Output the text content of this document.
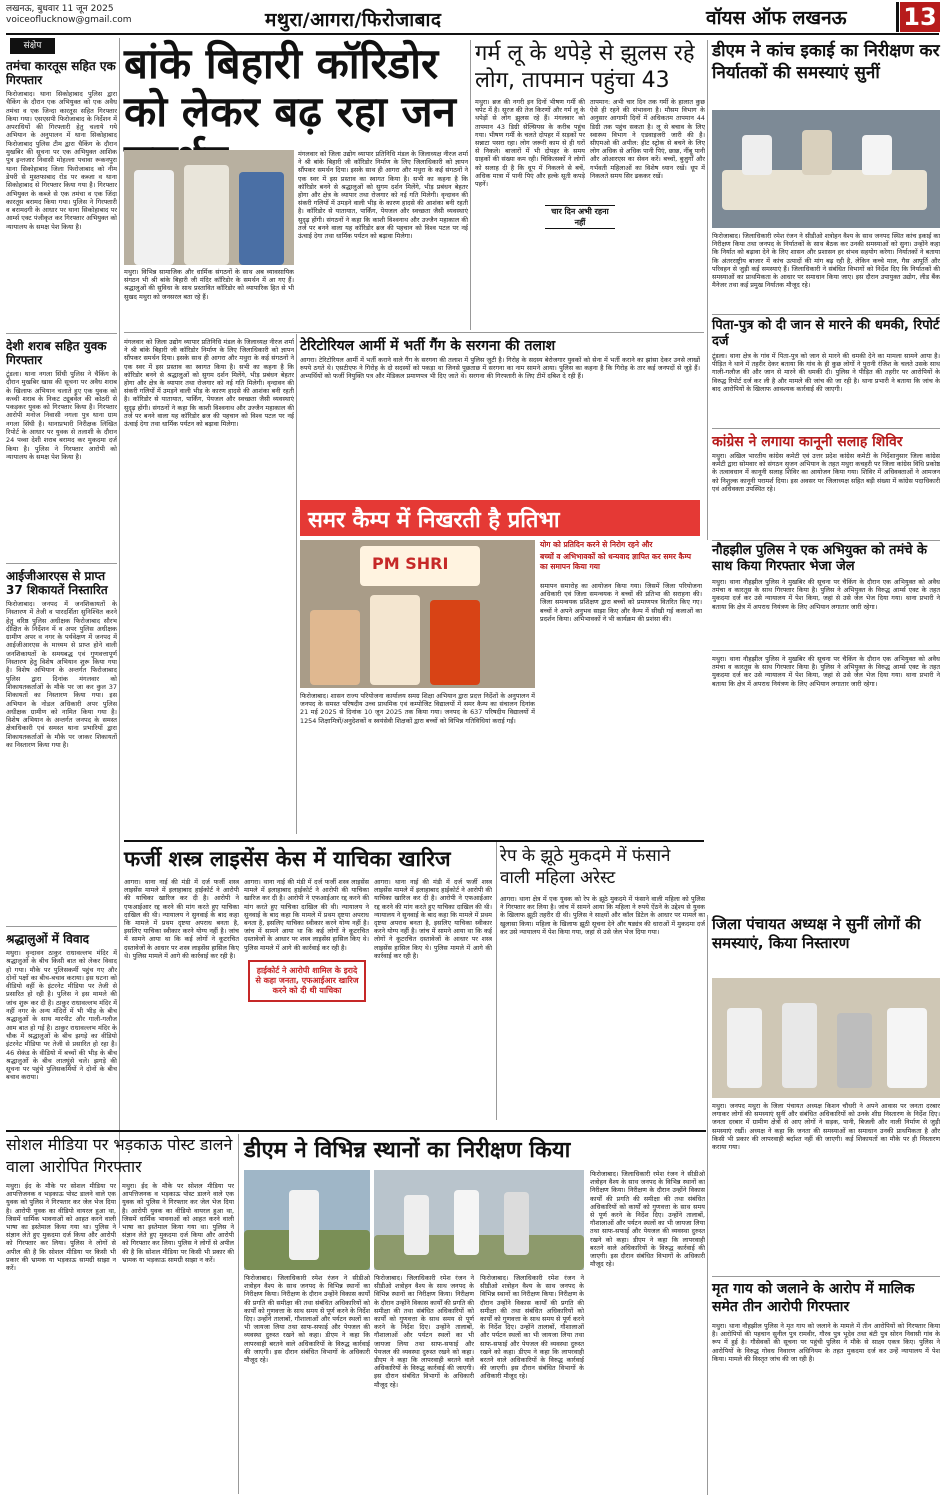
लखनऊ, बुधवार 11 जून 2025
voiceoflucknow@gmail.com	मथुरा/आगरा/फिरोजाबाद	वॉयस ऑफ लखनऊ 13
संक्षेप
तमंचा कारतूस सहित एक गिरफ्तार
फिरोजाबाद। थाना सिकोहाबाद पुलिस द्वारा चैकिंग के दौरान एक अभियुक्त को एक अवैध तमंचा व एक जिन्दा कारतूस सहित गिरफ्तार किया गया। एसएसपी फिरोजाबाद के निर्देशन में अपराधियों की गिरफ्तारी हेतु चलाये गये अभियान के अनुपालन में थाना सिकोहाबाद फिरोजाबाद पुलिस टीम द्वारा चैकिंग के दौरान मुखबिर की सूचना पर एक अभियुक्त आशिक पुत्र इन्तजार निवासी मोहल्ला पचावा रूकनपुरा थाना सिकोहाबाद जिला फिरोजाबाद को नीम डेयरी से मुस्तफाबाद रोड पर कब्जा व थाना सिकोहाबाद से गिरफ्तार किया गया है। गिरफ्तार अभियुक्त के कब्जे से एक तमंचा व एक जिंदा कारतूस बरामद किया गया। पुलिस ने गिरफ्तारी व बरामदगी के आधार पर थाना सिकोहाबाद पर आर्म्स एक्ट पंजीकृत कर गिरफ्तार अभियुक्त को न्यायालय के समक्ष पेश किया है।
देशी शराब सहित युवक गिरफ्तार
टूंडला। थाना नगला सिंघी पुलिस ने चैकिंग के दौरान मुखबिर खास की सूचना पर अवैध शराब के खिलाफ अभियान चलाते हुए एक युवक को कच्ची शराब के निकट ट्यूबवेल की कोठरी से पकड़कर युवक को गिरफ्तार किया है। गिरफ्तार आरोपी मनोज निवासी नगला पुत्र थाना ग्राम नगला सिंघी है। थानाप्रभारी निरीक्षक लिखित रिपोर्ट के आधार पर युवक से तलाशी के दौरान 24 पव्वा देशी शराब बरामद कर मुकदमा दर्ज किया है। पुलिस ने गिरफ्तार आरोपी को न्यायालय के समक्ष पेश किया है।
आईजीआरएस से प्राप्त 37 शिकायतें निस्तारित
फिरोजाबाद। जनपद में जनशिकायतों के निस्तारण में तेजी व पारदर्शिता सुनिश्चित करने हेतु वरिष्ठ पुलिस अधीक्षक फिरोजाबाद सौरभ दीक्षित के निर्देशन में व अपर पुलिस अधीक्षक ग्रामीण अपर व नगर के पर्यवेक्षण में जनपद में आईजीआरएस के माध्यम से प्राप्त होने वाली जनशिकायतों के समयबद्ध एवं गुणवत्तापूर्ण निस्तारण हेतु विशेष अभियान शुरू किया गया है। विशेष अभियान के अन्तर्गत फिरोजाबाद पुलिस द्वारा दिनांक मंगलवार को शिकायतकर्ताओं के मौके पर जा कर कुल 37 शिकायतों का निस्तारण किया गया। इस अभियान के नोडल अधिकारी अपर पुलिस अधीक्षक ग्रामीण को नामित किया गया है। विशेष अभियान के अन्तर्गत जनपद के समस्त क्षेत्राधिकारी एवं समस्त थाना प्रभारियों द्वारा शिकायतकर्ताओं के मौके पर जाकर शिकायतों का निस्तारण किया गया है।
श्रद्धालुओं में विवाद
मथुरा। वृन्दावन ठाकुर राधावल्लभ मंदिर में श्रद्धालुओं के बीच किसी बात को लेकर विवाद हो गया। मौके पर पुलिसकर्मी पहुंच गए और दोनों पक्षों का बीच-बचाव कराया। इस घटना को वीडियो वहीं के इंटरनेट मीडिया पर तेजी से प्रसारित हो रही है। पुलिस ने इस मामले की जांच शुरू कर दी है। ठाकुर राधावल्लभ मंदिर में नहीं नगर के अन्य मंदिरों में भी भीड़ के बीच श्रद्धालुओं के साथ मारपीट और गाली-गलौज आम बात हो गई है। ठाकुर राधावल्लभ मंदिर के चौक में श्रद्धालुओं के बीच झगड़े का वीडियो इंटरनेट मीडिया पर तेजी से प्रसारित हो रहा है। 46 सेकंड के वीडियो में बच्चों की भीड़ के बीच श्रद्धालुओं के बीच लातघूंसे चले। झगड़े की सूचना पर पहुंचे पुलिसकर्मियों ने दोनों के बीच बचाव कराया।
बांके बिहारी कॉरिडोर को लेकर बढ़ रहा जन
मथुरा। विभिन्न सामाजिक और धार्मिक संगठनों के साथ अब व्यावसायिक संगठन भी श्री बांके बिहारी जी मंदिर कॉरिडोर के समर्थन में आ गए हैं। श्रद्धालुओं की सुविधा के साथ प्रस्तावित कॉरिडोर को व्यापारिक हित से भी सुखद मथुरा को जनसरल बता रहे हैं।
मंगलवार को जिला उद्योग व्यापार प्रतिनिधि मंडल के जिलाध्यक्ष नीरज शर्मा ने श्री बांके बिहारी जी कॉरिडोर निर्माण के लिए जिलाधिकारी को ज्ञापन सौंपकर समर्थन दिया। इसके साथ ही आगरा और मथुरा के कई संगठनों ने एक स्वर में इस प्रस्ताव का स्वागत किया है। सभी का कहना है कि कॉरिडोर बनने से श्रद्धालुओं को सुगम दर्शन मिलेंगे, भीड़ प्रबंधन बेहतर होगा और क्षेत्र के व्यापार तथा रोजगार को नई गति मिलेगी। वृन्दावन की संकरी गलियों में उमड़ने वाली भीड़ के कारण हादसे की आशंका बनी रहती है। कॉरिडोर से यातायात, पार्किंग, पेयजल और स्वच्छता जैसी व्यवस्थाएं सुदृढ़ होंगी। संगठनों ने कहा कि काशी विश्वनाथ और उज्जैन महाकाल की तर्ज पर बनने वाला यह कॉरिडोर ब्रज की पहचान को विश्व पटल पर नई ऊंचाई देगा तथा धार्मिक पर्यटन को बढ़ावा मिलेगा।
गर्म लू के थपेड़े से झुलस रहे लोग, तापमान पहुंचा 43
मथुरा। ब्रज की नगरी इन दिनों भीषण गर्मी की चपेट में है। सूरज की तेज किरणों और गर्म लू के थपेड़ों से लोग झुलस रहे हैं। मंगलवार को तापमान 43 डिग्री सेल्सियस के करीब पहुंच गया। भीषण गर्मी के चलते दोपहर में सड़कों पर सन्नाटा पसरा रहा। लोग जरूरी काम से ही घरों से निकले। बाजारों में भी दोपहर के समय ग्राहकों की संख्या कम रही। चिकित्सकों ने लोगों को सलाह दी है कि धूप में निकलने से बचें, अधिक मात्रा में पानी पिएं और हल्के सूती कपड़े पहनें।
तापमान: अभी चार दिन तक गर्मी के हालात कुछ ऐसे ही रहने की संभावना है। मौसम विभाग के अनुसार आगामी दिनों में अधिकतम तापमान 44 डिग्री तक पहुंच सकता है। लू से बचाव के लिए स्वास्थ्य विभाग ने एडवाइजरी जारी की है। सीएमओ की अपील: हीट स्ट्रोक से बचने के लिए लोग अधिक से अधिक पानी पिएं, छाछ, नींबू पानी और ओआरएस का सेवन करें। बच्चों, बुजुर्गों और गर्भवती महिलाओं का विशेष ध्यान रखें। धूप में निकलते समय सिर ढककर रखें।
चार दिन अभी रहना नहीं
डीएम ने कांच इकाई का निरीक्षण कर निर्यातकों की समस्याएं सुनीं
फिरोजाबाद। जिलाधिकारी रमेश रंजन ने सीडीओ शत्रोहन वैश्य के साथ जनपद स्थित कांच इकाई का निरीक्षण किया तथा जनपद के निर्यातकों के साथ बैठक कर उनकी समस्याओं को सुना। उन्होंने कहा कि निर्यात को बढ़ावा देने के लिए शासन और प्रशासन हर संभव सहयोग करेगा। निर्यातकों ने बताया कि अंतरराष्ट्रीय बाजार में कांच उत्पादों की मांग बढ़ रही है, लेकिन कच्चे माल, गैस आपूर्ति और परिवहन से जुड़ी कई समस्याएं हैं। जिलाधिकारी ने संबंधित विभागों को निर्देश दिए कि निर्यातकों की समस्याओं का प्राथमिकता के आधार पर समाधान किया जाए। इस दौरान उपायुक्त उद्योग, लीड बैंक मैनेजर तथा कई प्रमुख निर्यातक मौजूद रहे।
पिता-पुत्र को दी जान से मारने की धमकी, रिपोर्ट दर्ज
टूंडला। थाना क्षेत्र के गांव में पिता-पुत्र को जान से मारने की धमकी देने का मामला सामने आया है। पीड़ित ने थाने में तहरीर देकर बताया कि गांव के ही कुछ लोगों ने पुरानी रंजिश के चलते उसके साथ गाली-गलौज की और जान से मारने की धमकी दी। पुलिस ने पीड़ित की तहरीर पर आरोपियों के विरुद्ध रिपोर्ट दर्ज कर ली है और मामले की जांच की जा रही है। थाना प्रभारी ने बताया कि जांच के बाद आरोपियों के खिलाफ आवश्यक कार्रवाई की जाएगी।
कांग्रेस ने लगाया कानूनी सलाह शिविर
मथुरा। अखिल भारतीय कांग्रेस कमेटी एवं उत्तर प्रदेश कांग्रेस कमेटी के निर्देशानुसार जिला कांग्रेस कमेटी द्वारा सोमवार को संगठन सृजन अभियान के तहत मथुरा कचहरी पर जिला कांग्रेस विधि प्रकोष्ठ के तत्वावधान में कानूनी सलाह शिविर का आयोजन किया गया। शिविर में अधिवक्ताओं ने आमजन को निशुल्क कानूनी परामर्श दिया। इस अवसर पर जिलाध्यक्ष सहित बड़ी संख्या में कांग्रेस पदाधिकारी एवं अधिवक्ता उपस्थित रहे।
नौहझील पुलिस ने एक अभियुक्त को तमंचे के साथ किया गिरफ्तार भेजा जेल
मथुरा। थाना नौहझील पुलिस ने मुखबिर की सूचना पर चैकिंग के दौरान एक अभियुक्त को अवैध तमंचा व कारतूस के साथ गिरफ्तार किया है। पुलिस ने अभियुक्त के विरुद्ध आर्म्स एक्ट के तहत मुकदमा दर्ज कर उसे न्यायालय में पेश किया, जहां से उसे जेल भेज दिया गया। थाना प्रभारी ने बताया कि क्षेत्र में अपराध नियंत्रण के लिए अभियान लगातार जारी रहेगा।
टेरिटोरियल आर्मी में भर्ती गैंग के सरगना की तलाश
आगरा। टेरिटोरियल आर्मी में भर्ती कराने वाले गैंग के सरगना की तलाश में पुलिस जुटी है। गिरोह के सदस्य बेरोजगार युवकों को सेना में भर्ती कराने का झांसा देकर उनसे लाखों रुपये ठगते थे। एसटीएफ ने गिरोह के दो सदस्यों को पकड़ा था जिनसे पूछताछ में सरगना का नाम सामने आया। पुलिस का कहना है कि गिरोह के तार कई जनपदों से जुड़े हैं। अभ्यर्थियों को फर्जी नियुक्ति पत्र और मेडिकल प्रमाणपत्र भी दिए जाते थे। सरगना की गिरफ्तारी के लिए टीमें दबिश दे रही हैं।
मंगलवार को जिला उद्योग व्यापार प्रतिनिधि मंडल के जिलाध्यक्ष नीरज शर्मा ने श्री बांके बिहारी जी कॉरिडोर निर्माण के लिए जिलाधिकारी को ज्ञापन सौंपकर समर्थन दिया। इसके साथ ही आगरा और मथुरा के कई संगठनों ने एक स्वर में इस प्रस्ताव का स्वागत किया है। सभी का कहना है कि कॉरिडोर बनने से श्रद्धालुओं को सुगम दर्शन मिलेंगे, भीड़ प्रबंधन बेहतर होगा और क्षेत्र के व्यापार तथा रोजगार को नई गति मिलेगी। वृन्दावन की संकरी गलियों में उमड़ने वाली भीड़ के कारण हादसे की आशंका बनी रहती है। कॉरिडोर से यातायात, पार्किंग, पेयजल और स्वच्छता जैसी व्यवस्थाएं सुदृढ़ होंगी। संगठनों ने कहा कि काशी विश्वनाथ और उज्जैन महाकाल की तर्ज पर बनने वाला यह कॉरिडोर ब्रज की पहचान को विश्व पटल पर नई ऊंचाई देगा तथा धार्मिक पर्यटन को बढ़ावा मिलेगा।
समर कैम्प में निखरती है प्रतिभा
योग को प्रतिदिन करने से निरोग रहने और
बच्चों व अभिभावकों को धन्यवाद ज्ञापित कर समर कैम्प का समापन किया गया
PM SHRI
फिरोजाबाद। शासन राज्य परियोजना कार्यालय समग्र शिक्षा अभियान द्वारा प्रदत्त निर्देशों के अनुपालन में जनपद के समस्त परिषदीय उच्च प्राथमिक एवं कम्पोजिट विद्यालयों में समर कैम्प का संचालन दिनांक 21 मई 2025 से दिनांक 10 जून 2025 तक किया गया। जनपद के 637 परिषदीय विद्यालयों में 1254 शिक्षामित्रों/अनुदेशकों व स्वयंसेवी शिक्षकों द्वारा बच्चों को विभिन्न गतिविधियां कराई गईं।
समापन समारोह का आयोजन किया गया। जिसमें जिला परियोजना अधिकारी एवं जिला समन्वयक ने बच्चों की प्रतिभा की सराहना की। जिला समन्वयक प्रशिक्षण द्वारा बच्चों को प्रमाणपत्र वितरित किए गए। बच्चों ने अपने अनुभव साझा किए और कैम्प में सीखी गई कलाओं का प्रदर्शन किया। अभिभावकों ने भी कार्यक्रम की प्रशंसा की।
फर्जी शस्त्र लाइसेंस केस में याचिका खारिज
आगरा। थाना नाई की मंडी में दर्ज फर्जी शस्त्र लाइसेंस मामले में इलाहाबाद हाईकोर्ट ने आरोपी की याचिका खारिज कर दी है। आरोपी ने एफआईआर रद्द करने की मांग करते हुए याचिका दाखिल की थी। न्यायालय ने सुनवाई के बाद कहा कि मामले में प्रथम दृष्टया अपराध बनता है, इसलिए याचिका स्वीकार करने योग्य नहीं है। जांच में सामने आया था कि कई लोगों ने कूटरचित दस्तावेजों के आधार पर शस्त्र लाइसेंस हासिल किए थे। पुलिस मामले में आगे की कार्रवाई कर रही है।
आगरा। थाना नाई की मंडी में दर्ज फर्जी शस्त्र लाइसेंस मामले में इलाहाबाद हाईकोर्ट ने आरोपी की याचिका खारिज कर दी है। आरोपी ने एफआईआर रद्द करने की मांग करते हुए याचिका दाखिल की थी। न्यायालय ने सुनवाई के बाद कहा कि मामले में प्रथम दृष्टया अपराध बनता है, इसलिए याचिका स्वीकार करने योग्य नहीं है। जांच में सामने आया था कि कई लोगों ने कूटरचित दस्तावेजों के आधार पर शस्त्र लाइसेंस हासिल किए थे। पुलिस मामले में आगे की कार्रवाई कर रही है।
हाईकोर्ट ने आरोपी शामिल के इरादे से कहा जनता, एफआईआर खारिज करने को दी थी याचिका
आगरा। थाना नाई की मंडी में दर्ज फर्जी शस्त्र लाइसेंस मामले में इलाहाबाद हाईकोर्ट ने आरोपी की याचिका खारिज कर दी है। आरोपी ने एफआईआर रद्द करने की मांग करते हुए याचिका दाखिल की थी। न्यायालय ने सुनवाई के बाद कहा कि मामले में प्रथम दृष्टया अपराध बनता है, इसलिए याचिका स्वीकार करने योग्य नहीं है। जांच में सामने आया था कि कई लोगों ने कूटरचित दस्तावेजों के आधार पर शस्त्र लाइसेंस हासिल किए थे। पुलिस मामले में आगे की कार्रवाई कर रही है।
रेप के झूठे मुकदमे में फंसाने वाली महिला अरेस्ट
आगरा। थाना क्षेत्र में एक युवक को रेप के झूठे मुकदमे में फंसाने वाली महिला को पुलिस ने गिरफ्तार कर लिया है। जांच में सामने आया कि महिला ने रुपये ऐंठने के उद्देश्य से युवक के खिलाफ झूठी तहरीर दी थी। पुलिस ने साक्ष्यों और कॉल डिटेल के आधार पर मामले का खुलासा किया। महिला के खिलाफ झूठी सूचना देने और षड्यंत्र की धाराओं में मुकदमा दर्ज कर उसे न्यायालय में पेश किया गया, जहां से उसे जेल भेज दिया गया।	जिला पंचायत अध्यक्ष ने सुनीं लोगों की समस्याएं, किया निस्तारण
मथुरा। जनपद मथुरा के जिला पंचायत अध्यक्ष किशन चौधरी ने अपने आवास पर जनता दरबार लगाकर लोगों की समस्याएं सुनीं और संबंधित अधिकारियों को उनके शीघ्र निस्तारण के निर्देश दिए। जनता दरबार में ग्रामीण क्षेत्रों से आए लोगों ने सड़क, पानी, बिजली और नाली निर्माण से जुड़ी समस्याएं रखीं। अध्यक्ष ने कहा कि जनता की समस्याओं का समाधान उनकी प्राथमिकता है और किसी भी प्रकार की लापरवाही बर्दाश्त नहीं की जाएगी। कई शिकायतों का मौके पर ही निस्तारण कराया गया।
मथुरा। थाना नौहझील पुलिस ने मुखबिर की सूचना पर चैकिंग के दौरान एक अभियुक्त को अवैध तमंचा व कारतूस के साथ गिरफ्तार किया है। पुलिस ने अभियुक्त के विरुद्ध आर्म्स एक्ट के तहत मुकदमा दर्ज कर उसे न्यायालय में पेश किया, जहां से उसे जेल भेज दिया गया। थाना प्रभारी ने बताया कि क्षेत्र में अपराध नियंत्रण के लिए अभियान लगातार जारी रहेगा।
सोशल मीडिया पर भड़काऊ पोस्ट डालने वाला आरोपित गिरफ्तार
मथुरा। ईद के मौके पर सोशल मीडिया पर आपत्तिजनक व भड़काऊ पोस्ट डालने वाले एक युवक को पुलिस ने गिरफ्तार कर जेल भेज दिया है। आरोपी युवक का वीडियो वायरल हुआ था, जिसमें धार्मिक भावनाओं को आहत करने वाली भाषा का इस्तेमाल किया गया था। पुलिस ने संज्ञान लेते हुए मुकदमा दर्ज किया और आरोपी को गिरफ्तार कर लिया। पुलिस ने लोगों से अपील की है कि सोशल मीडिया पर किसी भी प्रकार की भ्रामक या भड़काऊ सामग्री साझा न करें।
मथुरा। ईद के मौके पर सोशल मीडिया पर आपत्तिजनक व भड़काऊ पोस्ट डालने वाले एक युवक को पुलिस ने गिरफ्तार कर जेल भेज दिया है। आरोपी युवक का वीडियो वायरल हुआ था, जिसमें धार्मिक भावनाओं को आहत करने वाली भाषा का इस्तेमाल किया गया था। पुलिस ने संज्ञान लेते हुए मुकदमा दर्ज किया और आरोपी को गिरफ्तार कर लिया। पुलिस ने लोगों से अपील की है कि सोशल मीडिया पर किसी भी प्रकार की भ्रामक या भड़काऊ सामग्री साझा न करें।
डीएम ने विभिन्न स्थानों का निरीक्षण किया
फिरोजाबाद। जिलाधिकारी रमेश रंजन ने सीडीओ शत्रोहन वैश्य के साथ जनपद के विभिन्न स्थानों का निरीक्षण किया। निरीक्षण के दौरान उन्होंने विकास कार्यों की प्रगति की समीक्षा की तथा संबंधित अधिकारियों को कार्यों को गुणवत्ता के साथ समय से पूर्ण करने के निर्देश दिए। उन्होंने तालाबों, गौशालाओं और पर्यटन स्थलों का भी जायजा लिया तथा साफ-सफाई और पेयजल की व्यवस्था दुरुस्त रखने को कहा। डीएम ने कहा कि लापरवाही बरतने वाले अधिकारियों के विरुद्ध कार्रवाई की जाएगी। इस दौरान संबंधित विभागों के अधिकारी मौजूद रहे।
फिरोजाबाद। जिलाधिकारी रमेश रंजन ने सीडीओ शत्रोहन वैश्य के साथ जनपद के विभिन्न स्थानों का निरीक्षण किया। निरीक्षण के दौरान उन्होंने विकास कार्यों की प्रगति की समीक्षा की तथा संबंधित अधिकारियों को कार्यों को गुणवत्ता के साथ समय से पूर्ण करने के निर्देश दिए। उन्होंने तालाबों, गौशालाओं और पर्यटन स्थलों का भी जायजा लिया तथा साफ-सफाई और पेयजल की व्यवस्था दुरुस्त रखने को कहा। डीएम ने कहा कि लापरवाही बरतने वाले अधिकारियों के विरुद्ध कार्रवाई की जाएगी। इस दौरान संबंधित विभागों के अधिकारी मौजूद रहे।
फिरोजाबाद। जिलाधिकारी रमेश रंजन ने सीडीओ शत्रोहन वैश्य के साथ जनपद के विभिन्न स्थानों का निरीक्षण किया। निरीक्षण के दौरान उन्होंने विकास कार्यों की प्रगति की समीक्षा की तथा संबंधित अधिकारियों को कार्यों को गुणवत्ता के साथ समय से पूर्ण करने के निर्देश दिए। उन्होंने तालाबों, गौशालाओं और पर्यटन स्थलों का भी जायजा लिया तथा साफ-सफाई और पेयजल की व्यवस्था दुरुस्त रखने को कहा। डीएम ने कहा कि लापरवाही बरतने वाले अधिकारियों के विरुद्ध कार्रवाई की जाएगी। इस दौरान संबंधित विभागों के अधिकारी मौजूद रहे।
फिरोजाबाद। जिलाधिकारी रमेश रंजन ने सीडीओ शत्रोहन वैश्य के साथ जनपद के विभिन्न स्थानों का निरीक्षण किया। निरीक्षण के दौरान उन्होंने विकास कार्यों की प्रगति की समीक्षा की तथा संबंधित अधिकारियों को कार्यों को गुणवत्ता के साथ समय से पूर्ण करने के निर्देश दिए। उन्होंने तालाबों, गौशालाओं और पर्यटन स्थलों का भी जायजा लिया तथा साफ-सफाई और पेयजल की व्यवस्था दुरुस्त रखने को कहा। डीएम ने कहा कि लापरवाही बरतने वाले अधिकारियों के विरुद्ध कार्रवाई की जाएगी। इस दौरान संबंधित विभागों के अधिकारी मौजूद रहे।
मृत गाय को जलाने के आरोप में मालिक समेत तीन आरोपी गिरफ्तार
मथुरा। थाना नौहझील पुलिस ने मृत गाय को जलाने के मामले में तीन आरोपियों को गिरफ्तार किया है। आरोपियों की पहचान सुनील पुत्र रामवीर, गौरव पुत्र भूदेव तथा बंटी पुत्र सोरन निवासी गांव के रूप में हुई है। गौसेवकों की सूचना पर पहुंची पुलिस ने मौके से साक्ष्य एकत्र किए। पुलिस ने आरोपियों के विरुद्ध गोवध निवारण अधिनियम के तहत मुकदमा दर्ज कर उन्हें न्यायालय में पेश किया। मामले की विस्तृत जांच की जा रही है।
